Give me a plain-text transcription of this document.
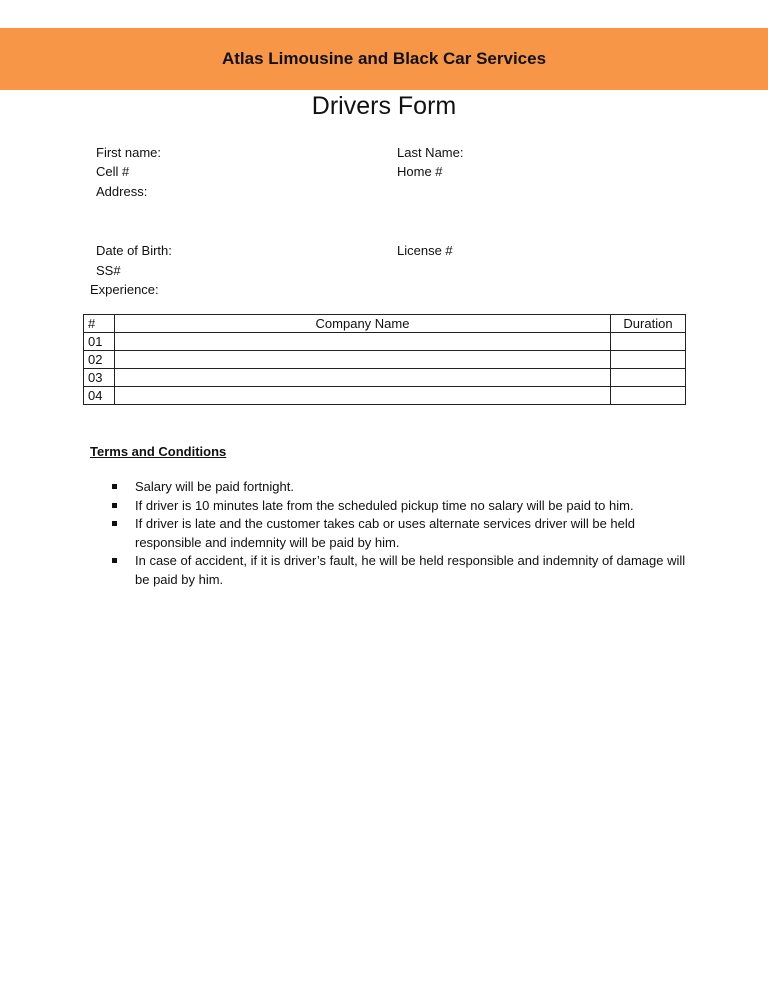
Atlas Limousine and Black Car Services
Drivers Form
First name:	Last Name:
Cell #	Home #
Address:
Date of Birth:	License #
SS#
Experience:
#	Company Name	Duration
01		
02		
03		
04		
Terms and Conditions
Salary will be paid fortnight.
If driver is 10 minutes late from the scheduled pickup time no salary will be paid to him.
If driver is late and the customer takes cab or uses alternate services driver will be held responsible and indemnity will be paid by him.
In case of accident, if it is driver’s fault, he will be held responsible and indemnity of damage will be paid by him.
